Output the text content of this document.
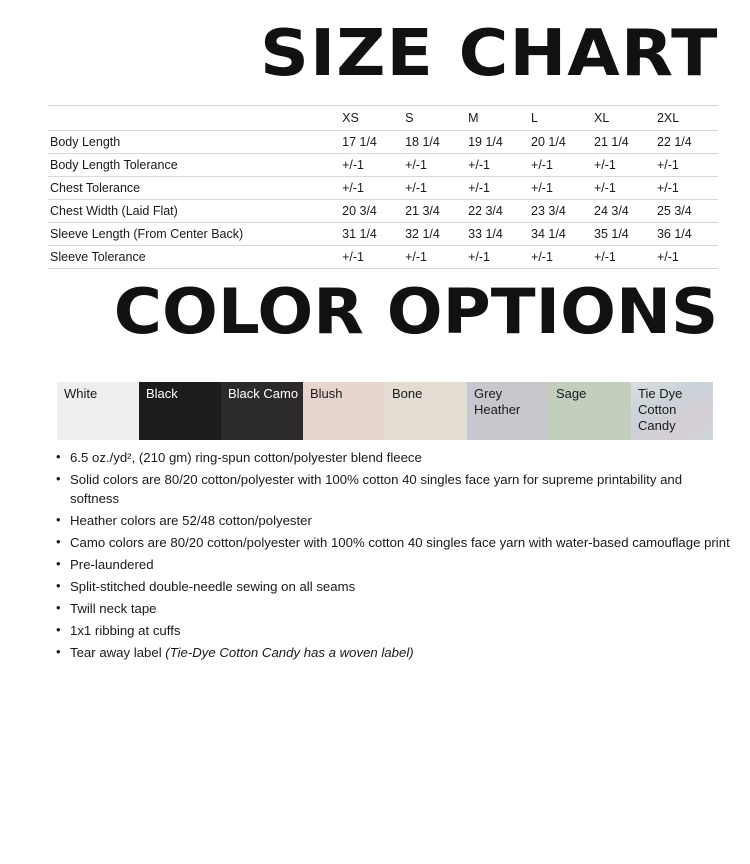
SIZE CHART
	XS	S	M	L	XL	2XL
Body Length	17 1/4	18 1/4	19 1/4	20 1/4	21 1/4	22 1/4
Body Length Tolerance	+/-1	+/-1	+/-1	+/-1	+/-1	+/-1
Chest Tolerance	+/-1	+/-1	+/-1	+/-1	+/-1	+/-1
Chest Width (Laid Flat)	20 3/4	21 3/4	22 3/4	23 3/4	24 3/4	25 3/4
Sleeve Length (From Center Back)	31 1/4	32 1/4	33 1/4	34 1/4	35 1/4	36 1/4
Sleeve Tolerance	+/-1	+/-1	+/-1	+/-1	+/-1	+/-1
COLOR OPTIONS
White	Black	Black Camo Blush	Bone	Grey Heather
Sage	Tie Dye Cotton Candy
• 6.5 oz./yd², (210 gm) ring-spun cotton/polyester blend fleece
• Solid colors are 80/20 cotton/polyester with 100% cotton 40 singles face yarn for supreme printability and softness
• Heather colors are 52/48 cotton/polyester
• Camo colors are 80/20 cotton/polyester with 100% cotton 40 singles face yarn with water-based camouflage print
• Pre-laundered
• Split-stitched double-needle sewing on all seams
• Twill neck tape
• 1x1 ribbing at cuffs
• Tear away label (Tie-Dye Cotton Candy has a woven label)
